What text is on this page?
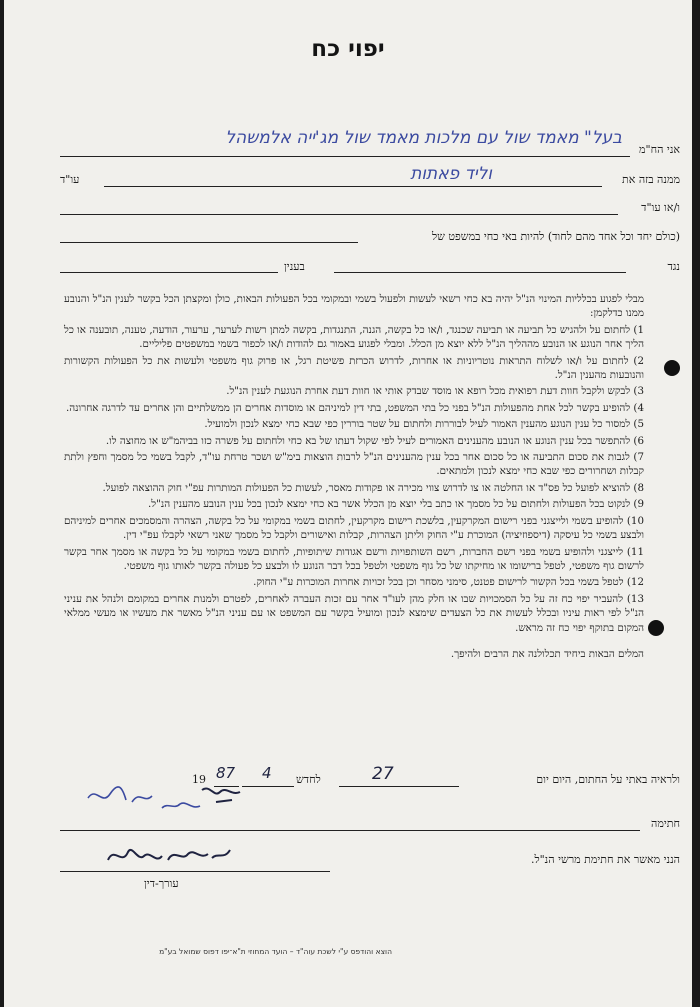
יפוי כח
אני הח"מ
בעל" מאמד שול עם מלכות מאמד שול מג'ייה אלמשהל
ממנה בזה את
עו"ד	וליד פאתות
ו/או עו"ד
(כולם יחד וכל אחד מהם לחוד) להיות באי כחי במשפט של
נגד
בענין

מבלי לפגוע בכלליות המינוי הנ"ל יהיה בא כחי רשאי לעשות ולפעול בשמי ובמקומי בכל הפעולות הבאות, כולן ומקצתן הכל בקשר לענין הנ"ל והנובע ממנו כדלקמן:

1) לחתום על ולהגיש כל תביעה או תביעה שכנגד, ו/או כל בקשה, הגנה, התנגדות, בקשה למתן רשות לערער, ערעור, הודעה, טענה, תובענה או כל הליך אחר הנוגע או הנובע מההליך הנ"ל ללא יוצא מן הכלל. ומבלי לפגוע באמור גם להודות ו/או לכפור בשמי במשפטים פליליים.

2) לחתום על ו/או לשלוח התראות נוטריוניות או אחרות, לדרוש הכרזת פשיטת רגל, או פרוק גוף משפטי ולעשות את כל הפעולות הקשורות והנובעות מהענין הנ"ל.

3) לבקש ולקבל חוות דעת רפואית מכל רופא או מוסד שבדק אותי או חוות דעת אחרת הנוגעת לענין הנ"ל.

4) להופיע בקשר לכל אחת מהפעולות הנ"ל בפני כל בתי המשפט, בתי דין למיניהם או מוסדות אחרים הן ממשלתיים והן אחרים עד לדרגה אחרונה.

5) למסור כל ענין הנוגע מהענין האמור לעיל לבוררות ולחתום על שטר בוררין כפי שבא כחי ימצא לנכון ולמועיל.

6) להתפשר בכל ענין הנוגע או הנובע מהענינים האמורים לעיל לפי שקול דעתו של בא כחי ולחתום על פשרה כזו בביהמ"ש או מחוצה לו.

7) לגבות את סכום התביעה או כל סכום אחר בכל ענין מהענינים הנ"ל לרבות הוצאות בימ"ש ושכר טרחת עו"ד, לקבל בשמי כל מסמך וחפץ ולתת קבלות ושחרורים כפי שבא כחי ימצא לנכון ולמתאים.

8) להוציא לפועל כל פס"ד או החלטה או צו לדרוש צווי מכירה או פקודות מאסר, לעשות כל הפעולות המותרות עפ"י חוק ההוצאה לפועל.

9) לנקוט בכל הפעולות ולחתום על כל מסמך או כתב בלי יוצא מן הכלל אשר בא כחי ימצא לנכון בכל ענין הנובע מהענין הנ"ל.

10) להופיע בשמי ולייצגני בפני רישום המקרקעין, בלשכת רישום מקרקעין, לחתום בשמי במקומי על כל בקשה, הצהרה והמסמכים אחרים למיניהם ולבצע בשמי כל עיסקה (דיספוזיציה) המוכרת ע"י החוק וליתן הצהרות, קבלות ואישורים ולקבל כל מסמך שאני רשאי לקבלו עפ"י דין.

11) לייצגני ולהופיע בשמי בפני רשם החברות, רשם השותפויות ורשם אגודות שיתופיות, לחתום בשמי במקומי על כל בקשה או מסמך אחר בקשר לרשום גוף משפטי, לטפל ברישומו או מחיקתו של כל גוף משפטי ולטפל בכל דבר הנוגע לו ולבצע כל פעולה בקשר לאותו גוף משפטי.

12) לטפל בשמי בכל הקשור לרישום פטנט, סימני מסחר וכן בכל זכויות אחרות המוכרות ע"י החוק.

13) להעביר יפוי כח זה על כל הסמכויות שבו או חלק מהן לעו"ד אחר עם זכות העברה לאחרים, לפטרם ולמנות אחרים במקומם ולנהל את עניני הנ"ל לפי ראות עיניו ובכלל לעשות את כל הצעדים שימצא לנכון ומועיל בקשר עם המשפט או עם עניני הנ"ל מאשר את מעשיו או מעשי ממלאי המקום בתוקף יפוי כח זה מראש.

המלים הבאות ביחיד תכלולנה את הרבים ולהיפך.

ולראיה באתי על החתום, היום יום
27
לחדש
4
87
19
חתימה
הנני מאשר את חתימת מרשי הנ"ל.
עורך-דין
הוצא והודפס ע"י לשכת עוה"ד – הועד המחוזי ת"א־יפו דפוס שמואל בע"מ
